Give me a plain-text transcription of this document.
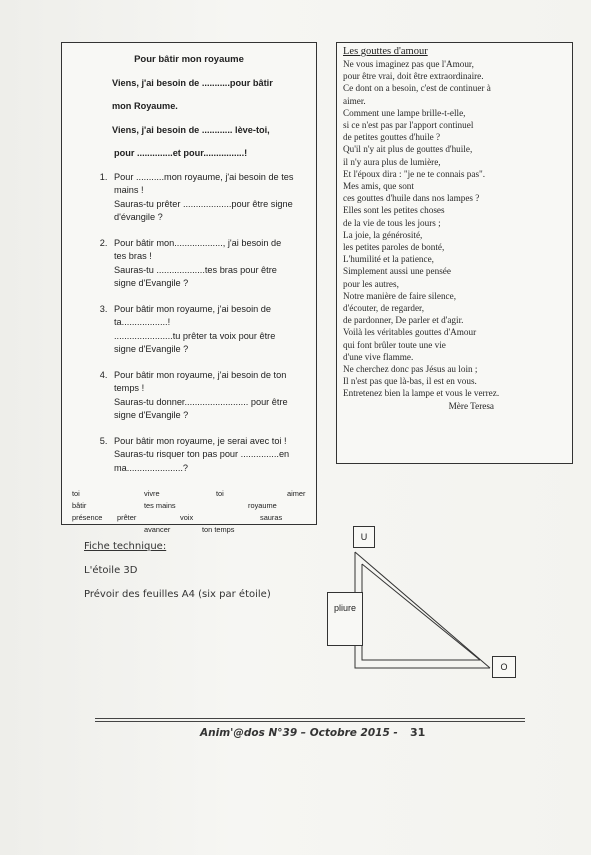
Pour bâtir mon royaume
Viens, j'ai besoin de ...........pour bâtir
mon Royaume.
Viens, j'ai besoin de ............ lève-toi,
pour ..............et pour................!
1. Pour ...........mon royaume, j'ai besoin de tes
mains !
Sauras-tu prêter ...................pour être signe
d'évangile ?
2. Pour bâtir mon..................., j'ai besoin de
tes bras !
Sauras-tu ...................tes bras pour être
signe d'Evangile ?
3. Pour bâtir mon royaume, j'ai besoin de
ta..................!
.......................tu prêter ta voix pour être
signe d'Evangile ?
4. Pour bâtir mon royaume, j'ai besoin de ton
temps !
Sauras-tu donner......................... pour être
signe d'Evangile ?
5. Pour bâtir mon royaume, je serai avec toi !
Sauras-tu risquer ton pas pour ...............en
ma......................?
toi	vivre	toi	aimer
bâtir	tes mains	royaume
présence prêter	voix	sauras
avancer	ton temps
Les gouttes d'amour
Ne vous imaginez pas que l'Amour,
pour être vrai, doit être extraordinaire.
Ce dont on a besoin, c'est de continuer à
aimer.
Comment une lampe brille-t-elle,
si ce n'est pas par l'apport continuel
de petites gouttes d'huile ?
Qu'il n'y ait plus de gouttes d'huile,
il n'y aura plus de lumière,
Et l'époux dira : "je ne te connais pas".
Mes amis, que sont
ces gouttes d'huile dans nos lampes ?
Elles sont les petites choses
de la vie de tous les jours ;
La joie, la générosité,
les petites paroles de bonté,
L'humilité et la patience,
Simplement aussi une pensée
pour les autres,
Notre manière de faire silence,
d'écouter, de regarder,
de pardonner, De parler et d'agir.
Voilà les véritables gouttes d'Amour
qui font brûler toute une vie
d'une vive flamme.
Ne cherchez donc pas Jésus au loin ;
Il n'est pas que là-bas, il est en vous.
Entretenez bien la lampe et vous le verrez.
Mère Teresa
Fiche technique:
L'étoile 3D
Prévoir des feuilles A4 (six par étoile)
U
pliure
O
Anim'@dos N°39 – Octobre 2015 - 31
